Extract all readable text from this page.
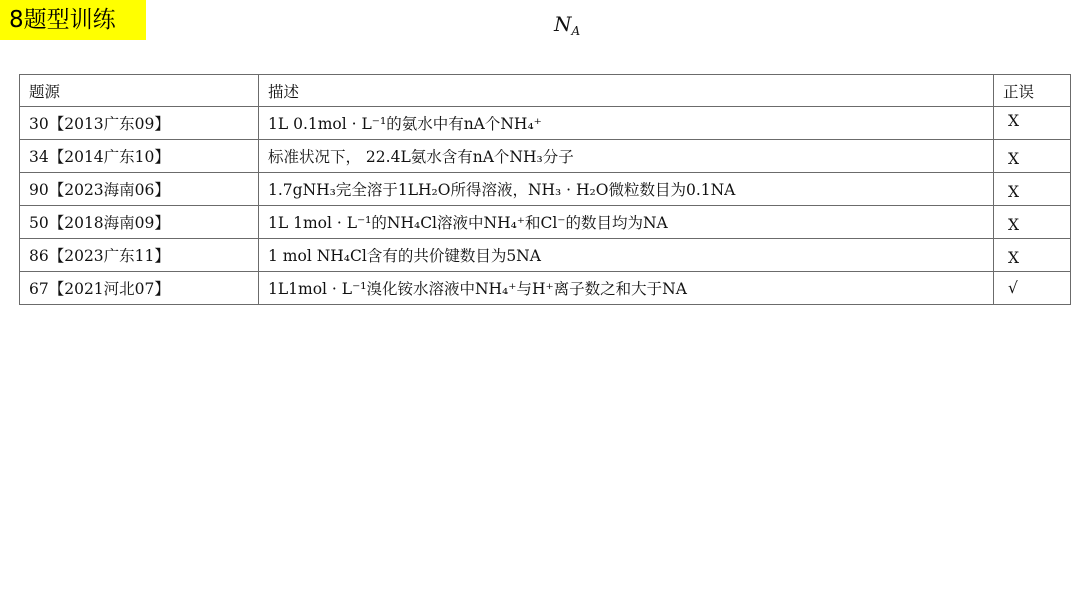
8题型训练	$N_A$
题源	描述	正误
30【2013广东09】	1L 0.1mol · L⁻¹的氨水中有nA个NH₄⁺	X
34【2014广东10】	标准状况下， 22.4L氨水含有nA个NH₃分子	X
90【2023海南06】	1.7gNH₃完全溶于1LH₂O所得溶液，NH₃ · H₂O微粒数目为0.1NA	X
50【2018海南09】	1L 1mol · L⁻¹的NH₄Cl溶液中NH₄⁺和Cl⁻的数目均为NA	X
86【2023广东11】	1 mol NH₄Cl含有的共价键数目为5NA	X
67【2021河北07】	1L1mol · L⁻¹溴化铵水溶液中NH₄⁺与H⁺离子数之和大于NA	√
